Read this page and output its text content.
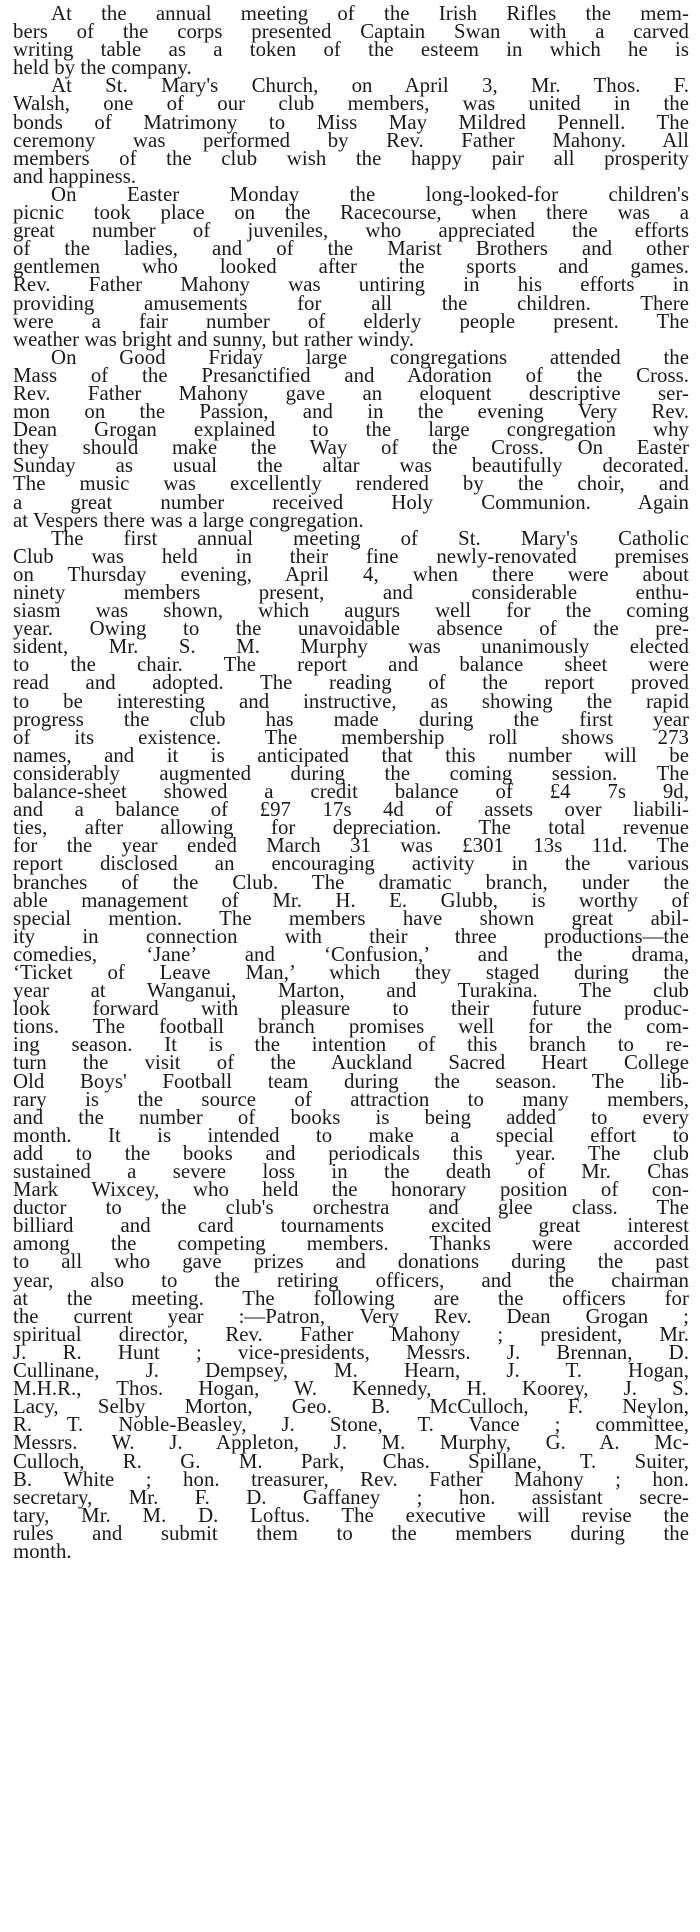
At the annual meeting of the Irish Rifles the mem-
bers of the corps presented Captain Swan with a carved
writing table as a token of the esteem in which he is
held by the company.
At St. Mary's Church, on April 3, Mr. Thos. F.
Walsh, one of our club members, was united in the
bonds of Matrimony to Miss May Mildred Pennell. The
ceremony was performed by Rev. Father Mahony. All
members of the club wish the happy pair all prosperity
and happiness.
On Easter Monday the long-looked-for children's
picnic took place on the Racecourse, when there was a
great number of juveniles, who appreciated the efforts
of the ladies, and of the Marist Brothers and other
gentlemen who looked after the sports and games.
Rev. Father Mahony was untiring in his efforts in
providing amusements for all the children. There
were a fair number of elderly people present. The
weather was bright and sunny, but rather windy.
On Good Friday large congregations attended the
Mass of the Presanctified and Adoration of the Cross.
Rev. Father Mahony gave an eloquent descriptive ser-
mon on the Passion, and in the evening Very Rev.
Dean Grogan explained to the large congregation why
they should make the Way of the Cross. On Easter
Sunday as usual the altar was beautifully decorated.
The music was excellently rendered by the choir, and
a great number received Holy Communion. Again
at Vespers there was a large congregation.
The first annual meeting of St. Mary's Catholic
Club was held in their fine newly-renovated premises
on Thursday evening, April 4, when there were about
ninety members present, and considerable enthu-
siasm was shown, which augurs well for the coming
year. Owing to the unavoidable absence of the pre-
sident, Mr. S. M. Murphy was unanimously elected
to the chair. The report and balance sheet were
read and adopted. The reading of the report proved
to be interesting and instructive, as showing the rapid
progress the club has made during the first year
of its existence. The membership roll shows 273
names, and it is anticipated that this number will be
considerably augmented during the coming session. The
balance-sheet showed a credit balance of £4 7s 9d,
and a balance of £97 17s 4d of assets over liabili-
ties, after allowing for depreciation. The total revenue
for the year ended March 31 was £301 13s 11d. The
report disclosed an encouraging activity in the various
branches of the Club. The dramatic branch, under the
able management of Mr. H. E. Glubb, is worthy of
special mention. The members have shown great abil-
ity in connection with their three productions—the
comedies, ‘Jane’ and ‘Confusion,’ and the drama,
‘Ticket of Leave Man,’ which they staged during the
year at Wanganui, Marton, and Turakina. The club
look forward with pleasure to their future produc-
tions. The football branch promises well for the com-
ing season. It is the intention of this branch to re-
turn the visit of the Auckland Sacred Heart College
Old Boys' Football team during the season. The lib-
rary is the source of attraction to many members,
and the number of books is being added to every
month. It is intended to make a special effort to
add to the books and periodicals this year. The club
sustained a severe loss in the death of Mr. Chas
Mark Wixcey, who held the honorary position of con-
ductor to the club's orchestra and glee class. The
billiard and card tournaments excited great interest
among the competing members. Thanks were accorded
to all who gave prizes and donations during the past
year, also to the retiring officers, and the chairman
at the meeting. The following are the officers for
the current year :—Patron, Very Rev. Dean Grogan ;
spiritual director, Rev. Father Mahony ; president, Mr.
J. R. Hunt ; vice-presidents, Messrs. J. Brennan, D.
Cullinane, J. Dempsey, M. Hearn, J. T. Hogan,
M.H.R., Thos. Hogan, W. Kennedy, H. Koorey, J. S.
Lacy, Selby Morton, Geo. B. McCulloch, F. Neylon,
R. T. Noble-Beasley, J. Stone, T. Vance ; committee,
Messrs. W. J. Appleton, J. M. Murphy, G. A. Mc-
Culloch, R. G. M. Park, Chas. Spillane, T. Suiter,
B. White ; hon. treasurer, Rev. Father Mahony ; hon.
secretary, Mr. F. D. Gaffaney ; hon. assistant secre-
tary, Mr. M. D. Loftus. The executive will revise the
rules and submit them to the members during the
month.
